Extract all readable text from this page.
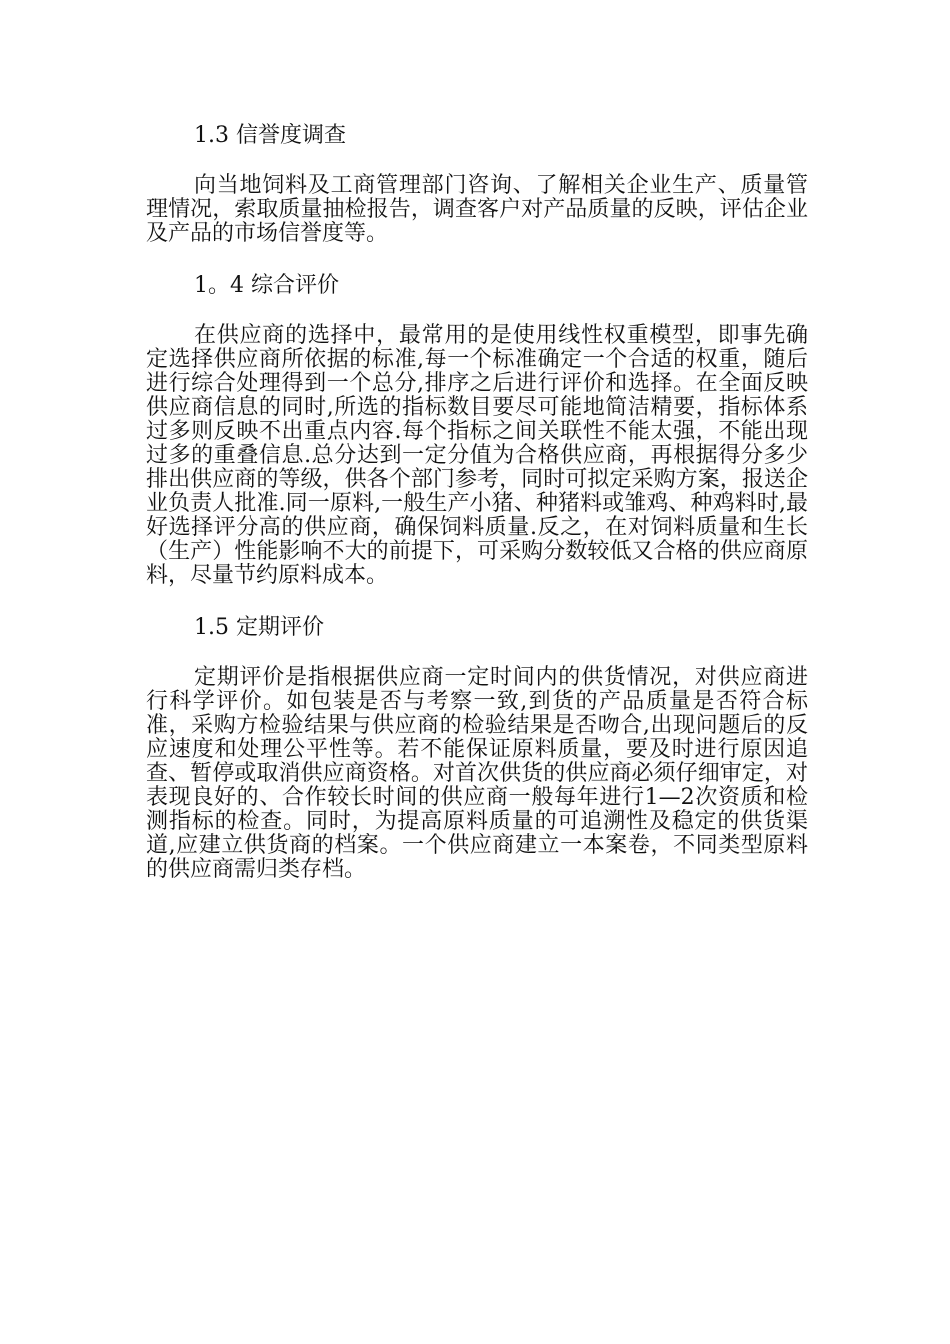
1.3 信誉度调查

向当地饲料及工商管理部门咨询、了解相关企业生产、质量管理情况，索取质量抽检报告，调查客户对产品质量的反映，评估企业及产品的市场信誉度等。

1。4 综合评价

在供应商的选择中，最常用的是使用线性权重模型，即事先确定选择供应商所依据的标准,每一个标准确定一个合适的权重，随后进行综合处理得到一个总分,排序之后进行评价和选择。在全面反映供应商信息的同时,所选的指标数目要尽可能地简洁精要，指标体系过多则反映不出重点内容.每个指标之间关联性不能太强，不能出现过多的重叠信息.总分达到一定分值为合格供应商，再根据得分多少排出供应商的等级，供各个部门参考，同时可拟定采购方案，报送企业负责人批准.同一原料,一般生产小猪、种猪料或雏鸡、种鸡料时,最好选择评分高的供应商，确保饲料质量.反之，在对饲料质量和生长（生产）性能影响不大的前提下，可采购分数较低又合格的供应商原料，尽量节约原料成本。

1.5 定期评价

定期评价是指根据供应商一定时间内的供货情况，对供应商进行科学评价。如包装是否与考察一致,到货的产品质量是否符合标准，采购方检验结果与供应商的检验结果是否吻合,出现问题后的反应速度和处理公平性等。若不能保证原料质量，要及时进行原因追查、暂停或取消供应商资格。对首次供货的供应商必须仔细审定，对表现良好的、合作较长时间的供应商一般每年进行1—2次资质和检测指标的检查。同时，为提高原料质量的可追溯性及稳定的供货渠道,应建立供货商的档案。一个供应商建立一本案卷，不同类型原料的供应商需归类存档。
